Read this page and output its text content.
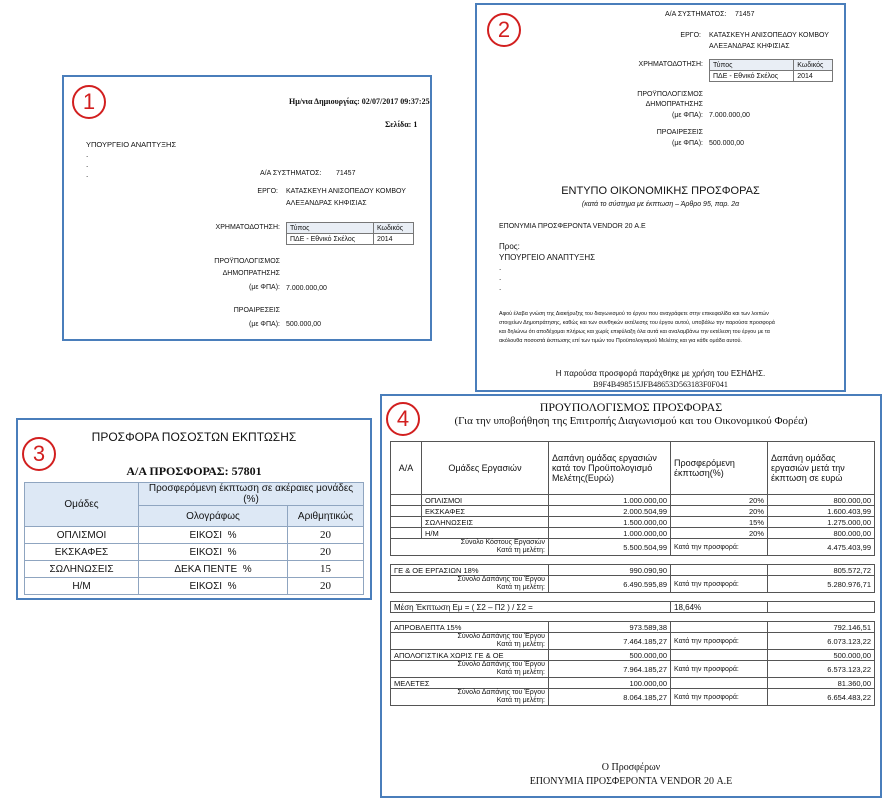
1	Ημ/νια Δημιουργίας: 02/07/2017 09:37:25
Σελίδα: 1
ΥΠΟΥΡΓΕΙΟ ΑΝΑΠΤΥΞΗΣ
.
.
.	Α/Α ΣΥΣΤΗΜΑΤΟΣ: 71457
ΕΡΓΟ: ΚΑΤΑΣΚΕΥΗ ΑΝΙΣΟΠΕΔΟΥ ΚΟΜΒΟΥ
ΑΛΕΞΑΝΔΡΑΣ ΚΗΦΙΣΙΑΣ
ΧΡΗΜΑΤΟΔΟΤΗΣΗ: Τύπος	Κωδικός
ΠΔΕ - Εθνικό Σκέλος	2014
ΠΡΟΫΠΟΛΟΓΙΣΜΟΣ
ΔΗΜΟΠΡΑΤΗΣΗΣ
(με ΦΠΑ): 7.000.000,00
ΠΡΟΑΙΡΕΣΕΙΣ
(με ΦΠΑ): 500.000,00
2
Α/Α ΣΥΣΤΗΜΑΤΟΣ: 71457
ΕΡΓΟ: ΚΑΤΑΣΚΕΥΗ ΑΝΙΣΟΠΕΔΟΥ ΚΟΜΒΟΥ
ΑΛΕΞΑΝΔΡΑΣ ΚΗΦΙΣΙΑΣ
ΧΡΗΜΑΤΟΔΟΤΗΣΗ: Τύπος	Κωδικός
ΠΔΕ - Εθνικό Σκέλος	2014
ΠΡΟΫΠΟΛΟΓΙΣΜΟΣ
ΔΗΜΟΠΡΑΤΗΣΗΣ
(με ΦΠΑ): 7.000.000,00
ΠΡΟΑΙΡΕΣΕΙΣ
(με ΦΠΑ): 500.000,00
ΕΝΤΥΠΟ ΟΙΚΟΝΟΜΙΚΗΣ ΠΡΟΣΦΟΡΑΣ
(κατά το σύστημα με έκπτωση – Άρθρο 95, παρ. 2α
ΕΠΟΝΥΜΙΑ ΠΡΟΣΦΕΡΟΝΤΑ VENDOR 20 Α.Ε
Προς:
ΥΠΟΥΡΓΕΙΟ ΑΝΑΠΤΥΞΗΣ
.
.
.
Αφού έλαβα γνώση της Διακήρυξης του διαγωνισμού το έργου που αναγράφετε στην επικεφαλίδα και των λοιπών
στοιχείων Δημοπράτησης, καθώς και των συνθηκών εκτέλεσης του έργου αυτού, υποβάλω την παρούσα προσφορά
και δηλώνω ότι αποδέχομαι πλήρως και χωρίς επιφύλαξη όλα αυτά και αναλαμβάνω την εκτέλεση του έργου με τα
ακόλουθα ποσοστά έκπτωσης επί των τιμών του Προϋπολογισμού Μελέτης και για κάθε ομάδα αυτού.
Η παρούσα προσφορά παράχθηκε με χρήση του ΕΣΗΔΗΣ.
B9F4B498515JFB48653D563183F0F041
3
ΠΡΟΣΦΟΡΑ ΠΟΣΟΣΤΩΝ ΕΚΠΤΩΣΗΣ
Α/Α ΠΡΟΣΦΟΡΑΣ: 57801
Ομάδες	Προσφερόμενη έκπτωση σε ακέραιες μονάδες (%)	
	Ολογράφως	Αριθμητικώς
ΟΠΛΙΣΜΟΙ	ΕΙΚΟΣΙ %	20
ΕΚΣΚΑΦΕΣ	ΕΙΚΟΣΙ %	20
ΣΩΛΗΝΩΣΕΙΣ	ΔΕΚΑ ΠΕΝΤΕ %	15
Η/Μ	ΕΙΚΟΣΙ %	20
4	ΠΡΟΥΠΟΛΟΓΙΣΜΟΣ ΠΡΟΣΦΟΡΑΣ
(Για την υποβοήθηση της Επιτροπής Διαγωνισμού και του Οικονομικού Φορέα)
Α/Α	Ομάδες Εργασιών	Δαπάνη ομάδας εργασιών κατά τον Προϋπολογισμό Μελέτης(Ευρώ)	Προσφερόμενη έκπτωση(%)	Δαπάνη ομάδας εργασιών μετά την έκπτωση σε ευρώ
	ΟΠΛΙΣΜΟΙ	1.000.000,00	20%	800.000,00
	ΕΚΣΚΑΦΕΣ	2.000.504,99	20%	1.600.403,99
	ΣΩΛΗΝΩΣΕΙΣ	1.500.000,00	15%	1.275.000,00
	Η/Μ	1.000.000,00	20%	800.000,00
Σύνολο Κόστους Εργασιών
Κατά τη μελέτη:		5.500.504,99	Κατά την προσφορά:	4.475.403,99

ΓΕ & ΟΕ ΕΡΓΑΣΙΩΝ 18%		990.090,90		805.572,72
Σύνολο Δαπάνης του Έργου
Κατά τη μελέτη:		6.490.595,89	Κατά την προσφορά:	5.280.976,71

Μέση Έκπτωση Εμ = ( Σ2 – Π2 ) / Σ2 =			18,64%	

ΑΠΡΟΒΛΕΠΤΑ 15%		973.589,38		792.146,51
Σύνολο Δαπάνης του Έργου
Κατά τη μελέτη:		7.464.185,27	Κατά την προσφορά:	6.073.123,22
ΑΠΟΛΟΓΙΣΤΙΚΑ ΧΩΡΙΣ ΓΕ & ΟΕ		500.000,00		500.000,00
Σύνολο Δαπάνης του Έργου
Κατά τη μελέτη:		7.964.185,27	Κατά την προσφορά:	6.573.123,22
ΜΕΛΕΤΕΣ		100.000,00		81.360,00
Σύνολο Δαπάνης του Έργου
Κατά τη μελέτη:		8.064.185,27	Κατά την προσφορά:	6.654.483,22
Ο Προσφέρων
ΕΠΟΝΥΜΙΑ ΠΡΟΣΦΕΡΟΝΤΑ VENDOR 20 Α.Ε
